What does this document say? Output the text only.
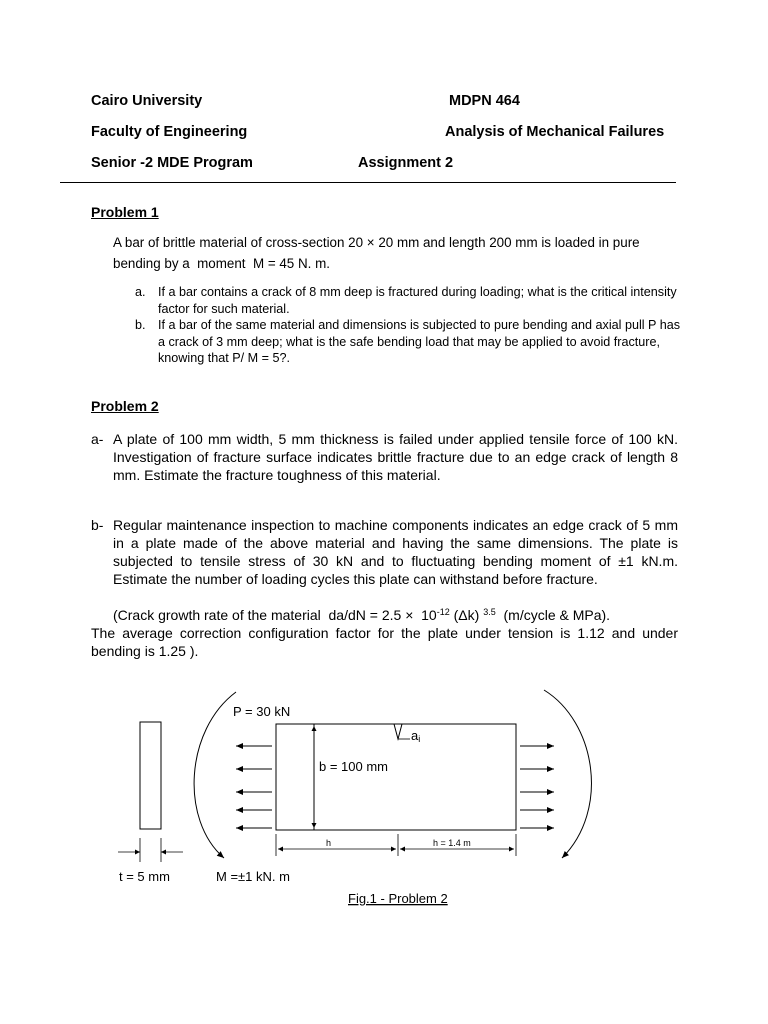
Cairo University	MDPN 464
Faculty of Engineering	Analysis of Mechanical Failures
Senior -2 MDE Program	Assignment 2
Problem 1
A bar of brittle material of cross-section 20 × 20 mm and length 200 mm is loaded in pure
bending by a  moment  M = 45 N. m.
a. If a bar contains a crack of 8 mm deep is fractured during loading; what is the critical intensity factor for such material.
b. If a bar of the same material and dimensions is subjected to pure bending and axial pull P has a crack of 3 mm deep; what is the safe bending load that may be applied to avoid fracture, knowing that P/ M = 5?.
Problem 2
a- A plate of 100 mm width, 5 mm thickness is failed under applied tensile force of 100 kN. Investigation of fracture surface indicates brittle fracture due to an edge crack of length 8 mm. Estimate the fracture toughness of this material.
b- Regular maintenance inspection to machine components indicates an edge crack of 5 mm in a plate made of the above material and having the same dimensions. The plate is subjected to tensile stress of 30 kN and to fluctuating bending moment of ±1 kN.m. Estimate the number of loading cycles this plate can withstand before fracture.
(Crack growth rate of the material  $da/dN = 2.5 \times 10^{-12}$ (Δk) $^{3.5}$  (m/cycle & MPa).
The average correction configuration factor for the plate under tension is 1.12 and under bending is 1.25 ).
P = 30 kN
ai
b = 100 mm
h	h = 1.4 m
t = 5 mm	M =±1 kN. m
Fig.1 - Problem 2
